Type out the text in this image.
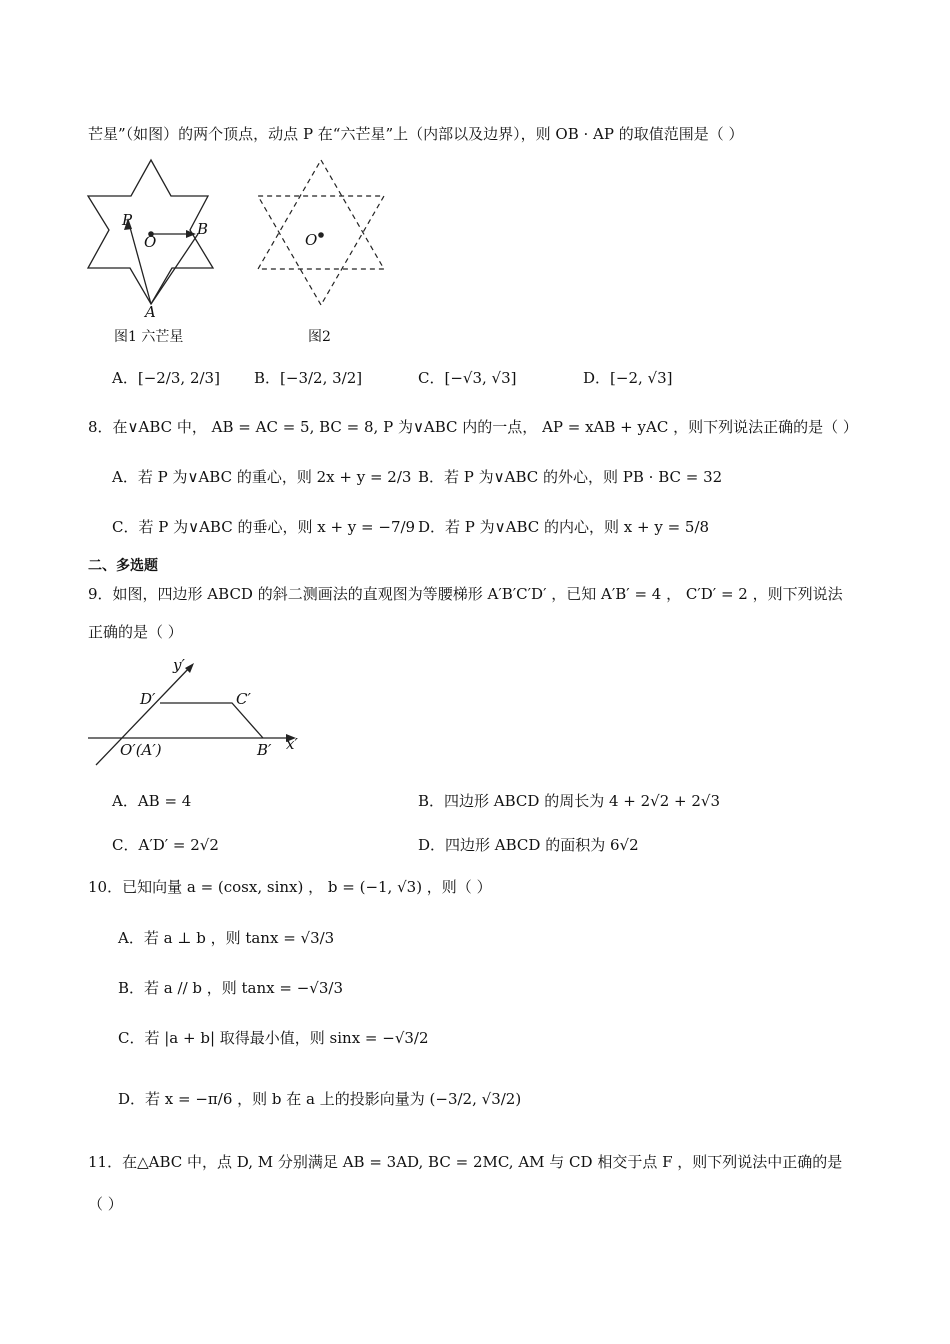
芒星”（如图）的两个顶点，动点 P 在“六芒星”上（内部以及边界），则 OB · AP 的取值范围是（ ）
P
O
B
A
图1 六芒星
O
图2
A．[−2/3, 2/3] B．[−3/2, 3/2]	C．[−√3, √3]	D．[−2, √3]
8．在∨ABC 中， AB = AC = 5, BC = 8, P 为∨ABC 内的一点， AP = xAB + yAC ，则下列说法正确的是（ ）
A．若 P 为∨ABC 的重心，则 2x + y = 2/3 B．若 P 为∨ABC 的外心，则 PB · BC = 32
C．若 P 为∨ABC 的垂心，则 x + y = −7/9 D．若 P 为∨ABC 的内心，则 x + y = 5/8
二、多选题
9．如图，四边形 ABCD 的斜二测画法的直观图为等腰梯形 A′B′C′D′ ，已知 A′B′ = 4 ， C′D′ = 2 ，则下列说法
正确的是（ ）
y′
D′	C′
O′(A′)	B′ x′
A．AB = 4	B．四边形 ABCD 的周长为 4 + 2√2 + 2√3
C．A′D′ = 2√2	D．四边形 ABCD 的面积为 6√2
10．已知向量 a = (cosx, sinx) ， b = (−1, √3) ，则（ ）
A．若 a ⊥ b ，则 tanx = √3/3
B．若 a // b ，则 tanx = −√3/3
C．若 |a + b| 取得最小值，则 sinx = −√3/2
D．若 x = −π/6 ，则 b 在 a 上的投影向量为 (−3/2, √3/2)
11．在△ABC 中，点 D, M 分别满足 AB = 3AD, BC = 2MC, AM 与 CD 相交于点 F ，则下列说法中正确的是
（ ）
